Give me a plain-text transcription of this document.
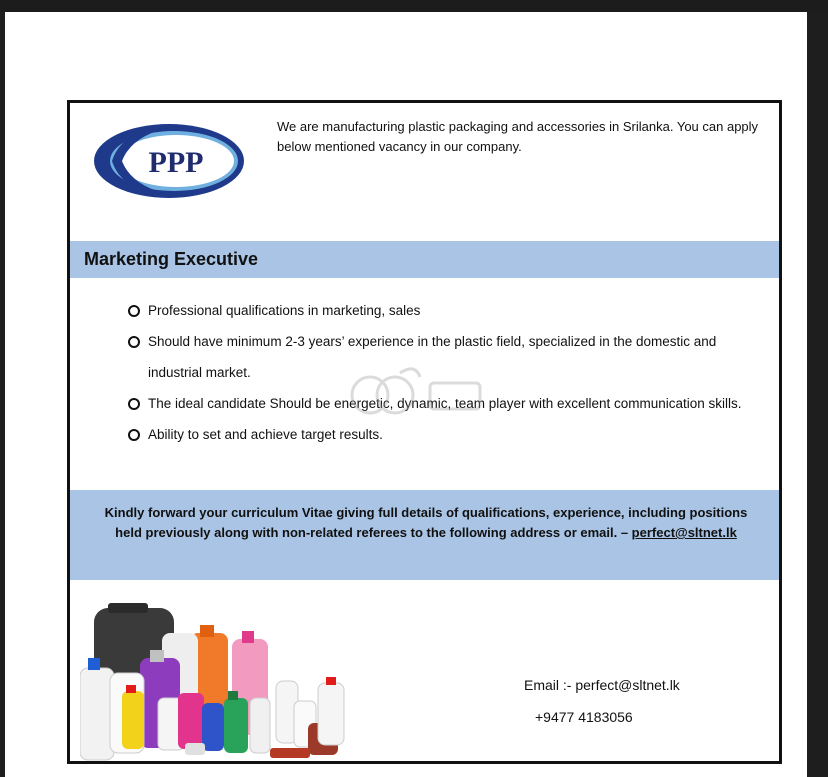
PPP
We are manufacturing plastic packaging and accessories in Srilanka. You can apply below mentioned vacancy in our company.
Marketing Executive
Professional qualifications in marketing, sales
Should have minimum 2-3 years’ experience in the plastic field, specialized in the domestic and industrial market.
The ideal candidate Should be energetic, dynamic, team player with excellent communication skills.
Ability to set and achieve target results.
Kindly forward your curriculum Vitae giving full details of qualifications, experience, including positions held previously along with non-related referees to the following address or email. – perfect@sltnet.lk
Email :- perfect@sltnet.lk
+9477 4183056
